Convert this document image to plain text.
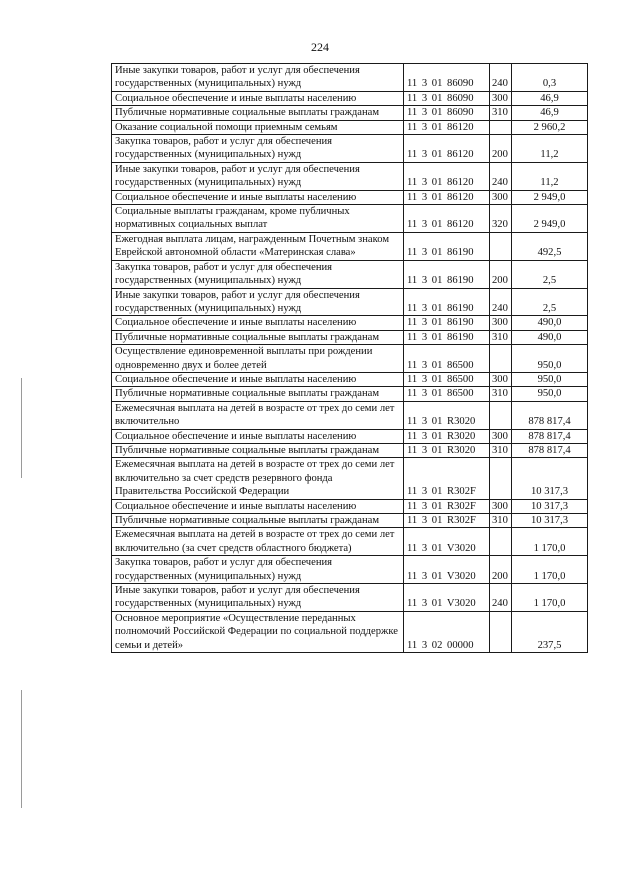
224
Иные закупки товаров, работ и услуг для обеспечения государственных (муниципальных) нужд	11 3 01 86090	240	0,3
Социальное обеспечение и иные выплаты населению	11 3 01 86090	300	46,9
Публичные нормативные социальные выплаты гражданам	11 3 01 86090	310	46,9
Оказание социальной помощи приемным семьям	11 3 01 86120		2 960,2
Закупка товаров, работ и услуг для обеспечения государственных (муниципальных) нужд	11 3 01 86120	200	11,2
Иные закупки товаров, работ и услуг для обеспечения государственных (муниципальных) нужд	11 3 01 86120	240	11,2
Социальное обеспечение и иные выплаты населению	11 3 01 86120	300	2 949,0
Социальные выплаты гражданам, кроме публичных нормативных социальных выплат	11 3 01 86120	320	2 949,0
Ежегодная выплата лицам, награжденным Почетным знаком Еврейской автономной области «Материнская слава»	11 3 01 86190		492,5
Закупка товаров, работ и услуг для обеспечения государственных (муниципальных) нужд	11 3 01 86190	200	2,5
Иные закупки товаров, работ и услуг для обеспечения государственных (муниципальных) нужд	11 3 01 86190	240	2,5
Социальное обеспечение и иные выплаты населению	11 3 01 86190	300	490,0
Публичные нормативные социальные выплаты гражданам	11 3 01 86190	310	490,0
Осуществление единовременной выплаты при рождении одновременно двух и более детей	11 3 01 86500		950,0
Социальное обеспечение и иные выплаты населению	11 3 01 86500	300	950,0
Публичные нормативные социальные выплаты гражданам	11 3 01 86500	310	950,0
Ежемесячная выплата на детей в возрасте от трех до семи лет включительно	11 3 01 R3020		878 817,4
Социальное обеспечение и иные выплаты населению	11 3 01 R3020	300	878 817,4
Публичные нормативные социальные выплаты гражданам	11 3 01 R3020	310	878 817,4
Ежемесячная выплата на детей в возрасте от трех до семи лет включительно за счет средств резервного фонда Правительства Российской Федерации	11 3 01 R302F		10 317,3
Социальное обеспечение и иные выплаты населению	11 3 01 R302F	300	10 317,3
Публичные нормативные социальные выплаты гражданам	11 3 01 R302F	310	10 317,3
Ежемесячная выплата на детей в возрасте от трех до семи лет включительно (за счет средств областного бюджета)	11 3 01 V3020		1 170,0
Закупка товаров, работ и услуг для обеспечения государственных (муниципальных) нужд	11 3 01 V3020	200	1 170,0
Иные закупки товаров, работ и услуг для обеспечения государственных (муниципальных) нужд	11 3 01 V3020	240	1 170,0
Основное мероприятие «Осуществление переданных полномочий Российской Федерации по социальной поддержке семьи и детей»	11 3 02 00000		237,5
